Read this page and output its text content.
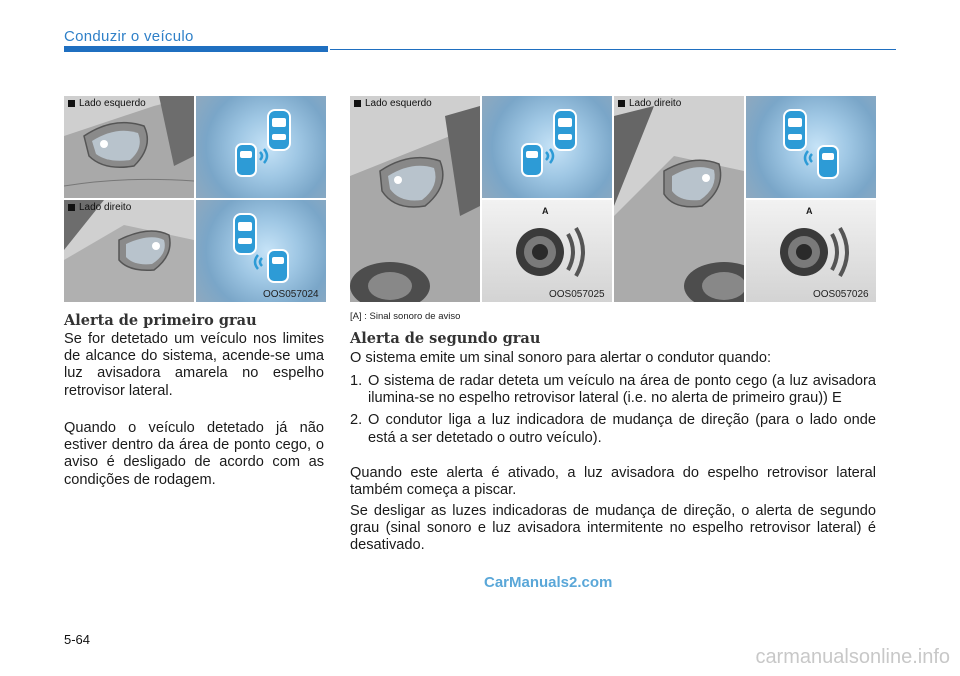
Conduzir o veículo
Lado esquerdo
Lado direito
OOS057024
Lado esquerdo
A
OOS057025
Lado direito
A
OOS057026
[A] : Sinal sonoro de aviso
Alerta de primeiro grau

Se for detetado um veículo nos limites de alcance do sistema, acende-se uma luz avisadora amarela no espelho retrovisor lateral.

Quando o veículo detetado já não estiver dentro da área de ponto cego, o aviso é desligado de acordo com as condições de rodagem.

Alerta de segundo grau

O sistema emite um sinal sonoro para alertar o condutor quando:

1. O sistema de radar deteta um veículo na área de ponto cego (a luz avisadora ilumina-se no espelho retrovisor lateral (i.e. no alerta de primeiro grau)) E
2. O condutor liga a luz indicadora de mudança de direção (para o lado onde está a ser detetado o outro veículo).

Quando este alerta é ativado, a luz avisadora do espelho retrovisor lateral também começa a piscar.

Se desligar as luzes indicadoras de mudança de direção, o alerta de segundo grau (sinal sonoro e luz avisadora intermitente no espelho retrovisor lateral) é desativado.

CarManuals2.com
5-64
carmanualsonline.info
